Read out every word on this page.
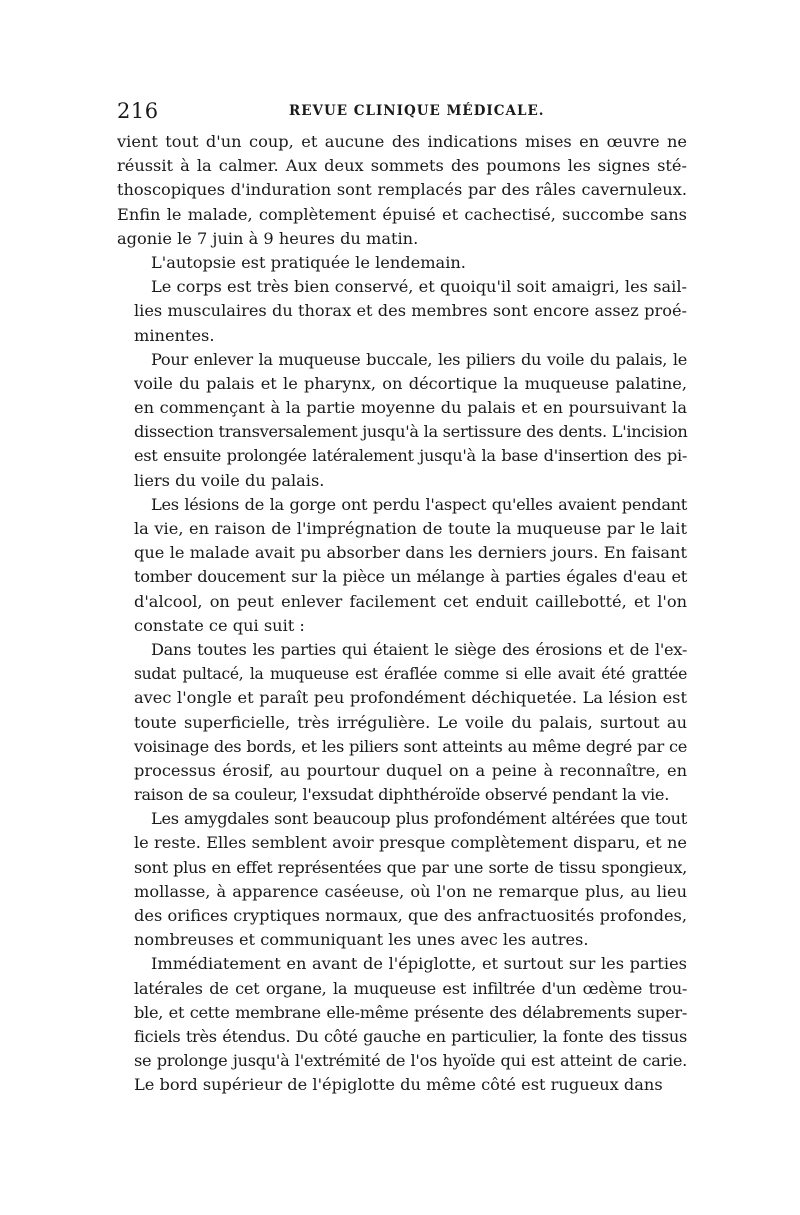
216	REVUE CLINIQUE MÉDICALE.
vient tout d'un coup, et aucune des indications mises en œuvre ne
réussit à la calmer. Aux deux sommets des poumons les signes sté-
thoscopiques d'induration sont remplacés par des râles cavernuleux.
Enfin le malade, complètement épuisé et cachectisé, succombe sans
agonie le 7 juin à 9 heures du matin.
L'autopsie est pratiquée le lendemain.
Le corps est très bien conservé, et quoiqu'il soit amaigri, les sail-
lies musculaires du thorax et des membres sont encore assez proé-
minentes.
Pour enlever la muqueuse buccale, les piliers du voile du palais, le
voile du palais et le pharynx, on décortique la muqueuse palatine,
en commençant à la partie moyenne du palais et en poursuivant la
dissection transversalement jusqu'à la sertissure des dents. L'incision
est ensuite prolongée latéralement jusqu'à la base d'insertion des pi-
liers du voile du palais.
Les lésions de la gorge ont perdu l'aspect qu'elles avaient pendant
la vie, en raison de l'imprégnation de toute la muqueuse par le lait
que le malade avait pu absorber dans les derniers jours. En faisant
tomber doucement sur la pièce un mélange à parties égales d'eau et
d'alcool, on peut enlever facilement cet enduit caillebotté, et l'on
constate ce qui suit :
Dans toutes les parties qui étaient le siège des érosions et de l'ex-
sudat pultacé, la muqueuse est éraflée comme si elle avait été grattée
avec l'ongle et paraît peu profondément déchiquetée. La lésion est
toute superficielle, très irrégulière. Le voile du palais, surtout au
voisinage des bords, et les piliers sont atteints au même degré par ce
processus érosif, au pourtour duquel on a peine à reconnaître, en
raison de sa couleur, l'exsudat diphthéroïde observé pendant la vie.
Les amygdales sont beaucoup plus profondément altérées que tout
le reste. Elles semblent avoir presque complètement disparu, et ne
sont plus en effet représentées que par une sorte de tissu spongieux,
mollasse, à apparence caséeuse, où l'on ne remarque plus, au lieu
des orifices cryptiques normaux, que des anfractuosités profondes,
nombreuses et communiquant les unes avec les autres.
Immédiatement en avant de l'épiglotte, et surtout sur les parties
latérales de cet organe, la muqueuse est infiltrée d'un œdème trou-
ble, et cette membrane elle-même présente des délabrements super-
ficiels très étendus. Du côté gauche en particulier, la fonte des tissus
se prolonge jusqu'à l'extrémité de l'os hyoïde qui est atteint de carie.
Le bord supérieur de l'épiglotte du même côté est rugueux dans
